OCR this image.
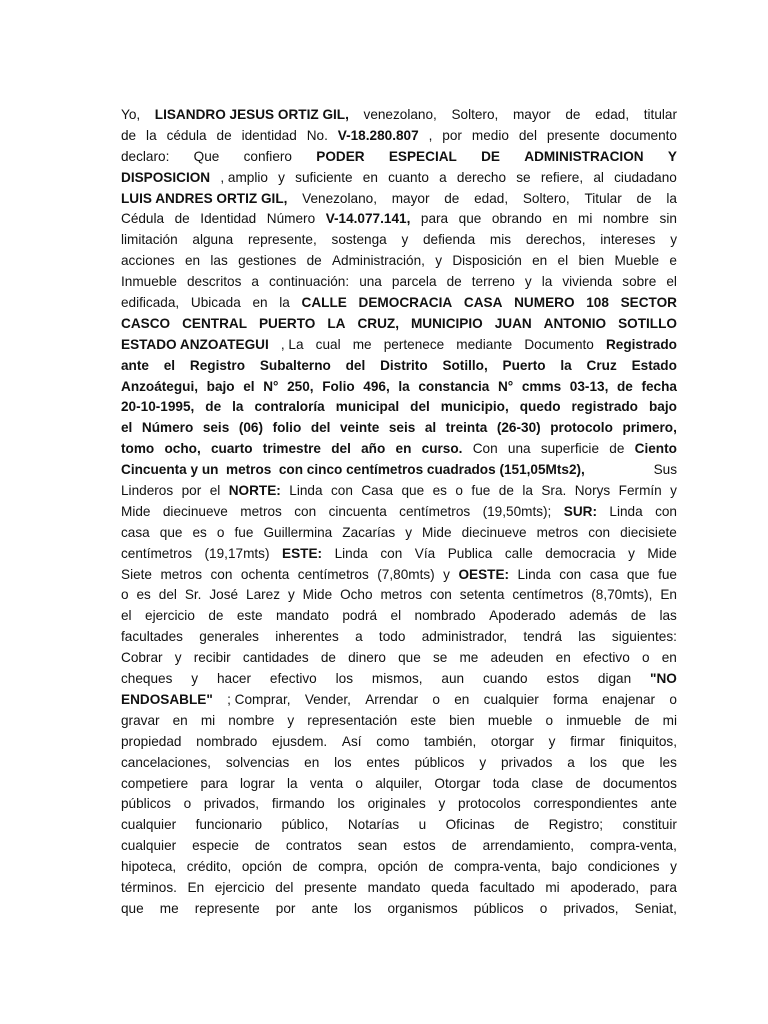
Yo, LISANDRO JESUS ORTIZ GIL, venezolano, Soltero, mayor de edad, titular
de la cédula de identidad No. V-18.280.807 , por medio del presente documento
declaro: Que confiero PODER ESPECIAL DE ADMINISTRACION Y
DISPOSICION , amplio y suficiente en cuanto a derecho se refiere, al ciudadano
LUIS ANDRES ORTIZ GIL, Venezolano, mayor de edad, Soltero, Titular de la
Cédula de Identidad Número V-14.077.141, para que obrando en mi nombre sin
limitación alguna represente, sostenga y defienda mis derechos, intereses y
acciones en las gestiones de Administración, y Disposición en el bien Mueble e
Inmueble descritos a continuación: una parcela de terreno y la vivienda sobre el
edificada, Ubicada en la CALLE DEMOCRACIA CASA NUMERO 108 SECTOR
CASCO CENTRAL PUERTO LA CRUZ, MUNICIPIO JUAN ANTONIO SOTILLO
ESTADO ANZOATEGUI , La cual me pertenece mediante Documento Registrado
ante el Registro Subalterno del Distrito Sotillo, Puerto la Cruz Estado
Anzoátegui, bajo el N° 250, Folio 496, la constancia N° cmms 03-13, de fecha
20-10-1995, de la contraloría municipal del municipio, quedo registrado bajo
el Número seis (06) folio del veinte seis al treinta (26-30) protocolo primero,
tomo ocho, cuarto trimestre del año en curso. Con una superficie de Ciento
Cincuenta y un  metros  con cinco centímetros cuadrados (151,05Mts2),	Sus
Linderos por el NORTE: Linda con Casa que es o fue de la Sra. Norys Fermín y
Mide diecinueve metros con cincuenta centímetros (19,50mts); SUR: Linda con
casa que es o fue Guillermina Zacarías y Mide diecinueve metros con diecisiete
centímetros (19,17mts) ESTE: Linda con Vía Publica calle democracia y Mide
Siete metros con ochenta centímetros (7,80mts) y OESTE: Linda con casa que fue
o es del Sr. José Larez y Mide Ocho metros con setenta centímetros (8,70mts), En
el ejercicio de este mandato podrá el nombrado Apoderado además de las
facultades generales inherentes a todo administrador, tendrá las siguientes:
Cobrar y recibir cantidades de dinero que se me adeuden en efectivo o en
cheques y hacer efectivo los mismos, aun cuando estos digan "NO
ENDOSABLE" ; Comprar, Vender, Arrendar o en cualquier forma enajenar o
gravar en mi nombre y representación este bien mueble o inmueble de mi
propiedad nombrado ejusdem. Así como también, otorgar y firmar finiquitos,
cancelaciones, solvencias en los entes públicos y privados a los que les
competiere para lograr la venta o alquiler, Otorgar toda clase de documentos
públicos o privados, firmando los originales y protocolos correspondientes ante
cualquier funcionario público, Notarías u Oficinas de Registro; constituir
cualquier especie de contratos sean estos de arrendamiento, compra-venta,
hipoteca, crédito, opción de compra, opción de compra-venta, bajo condiciones y
términos. En ejercicio del presente mandato queda facultado mi apoderado, para
que me represente por ante los organismos públicos o privados, Seniat,
